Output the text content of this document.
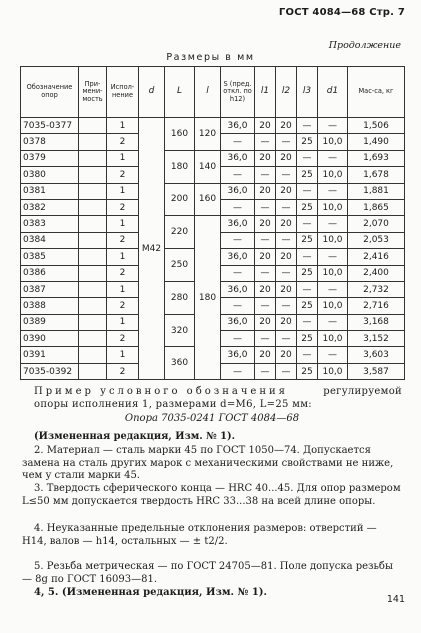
ГОСТ 4084—68 Стр. 7
Продолжение
Размеры в мм
Обозначение опор	При-мени-мость	Испол-нение	d	L	l	S (пред. откл. по h12)	l1	l2	l3	d1	Мас-са, кг
7035-0377		1	M42	160	120	36,0	20	20	—	—	1,506
0378		2				—	—	—	25	10,0	1,490
0379		1		180	140	36,0	20	20	—	—	1,693
0380		2				—	—	—	25	10,0	1,678
0381		1		200	160	36,0	20	20	—	—	1,881
0382		2				—	—	—	25	10,0	1,865
0383		1		220	180	36,0	20	20	—	—	2,070
0384		2				—	—	—	25	10,0	2,053
0385		1		250		36,0	20	20	—	—	2,416
0386		2				—	—	—	25	10,0	2,400
0387		1		280		36,0	20	20	—	—	2,732
0388		2				—	—	—	25	10,0	2,716
0389		1		320		36,0	20	20	—	—	3,168
0390		2				—	—	—	25	10,0	3,152
0391		1		360		36,0	20	20	—	—	3,603
7035-0392		2				—	—	—	25	10,0	3,587
Пример условного обозначения	регулируемой

опоры исполнения 1, размерами d=M6, L=25 мм:
Опора 7035-0241 ГОСТ 4084—68
(Измененная редакция, Изм. № 1).
2. Материал — сталь марки 45 по ГОСТ 1050—74. Допускается замена на сталь других марок с механическими свойствами не ниже, чем у стали марки 45.
3. Твердость сферического конца — HRC 40...45. Для опор размером L≤50 мм допускается твердость HRC 33...38 на всей длине опоры.
4. Неуказанные предельные отклонения размеров: отверстий — H14, валов — h14, остальных — ± t2/2.
5. Резьба метрическая — по ГОСТ 24705—81. Поле допуска резьбы — 8g по ГОСТ 16093—81.
4, 5. (Измененная редакция, Изм. № 1).
141
